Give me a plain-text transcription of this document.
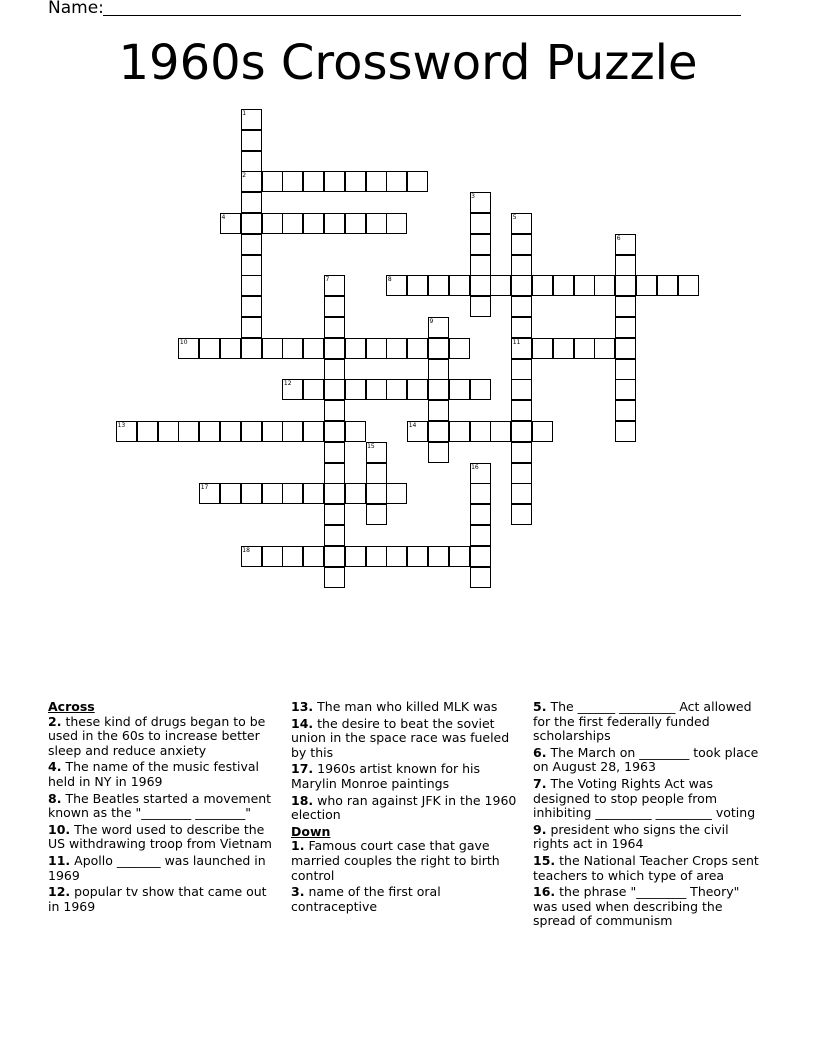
Name:
1960s Crossword Puzzle
1
2
3
4	5
6
7	8
9
10	11
12
13	14
15
16
17
18
Across
2. these kind of drugs began to be used in the 60s to increase better sleep and reduce anxiety
4. The name of the music festival held in NY in 1969
8. The Beatles started a movement known as the "________ ________"
10. The word used to describe the US withdrawing troop from Vietnam
11. Apollo _______ was launched in 1969
12. popular tv show that came out in 1969
13. The man who killed MLK was
14. the desire to beat the soviet union in the space race was fueled by this
17. 1960s artist known for his Marylin Monroe paintings
18. who ran against JFK in the 1960 election
Down
1. Famous court case that gave married couples the right to birth control
3. name of the first oral contraceptive
5. The ______ _________ Act allowed for the first federally funded scholarships
6. The March on ________ took place on August 28, 1963
7. The Voting Rights Act was designed to stop people from inhibiting _________ _________ voting
9. president who signs the civil rights act in 1964
15. the National Teacher Crops sent teachers to which type of area
16. the phrase "________ Theory" was used when describing the spread of communism
